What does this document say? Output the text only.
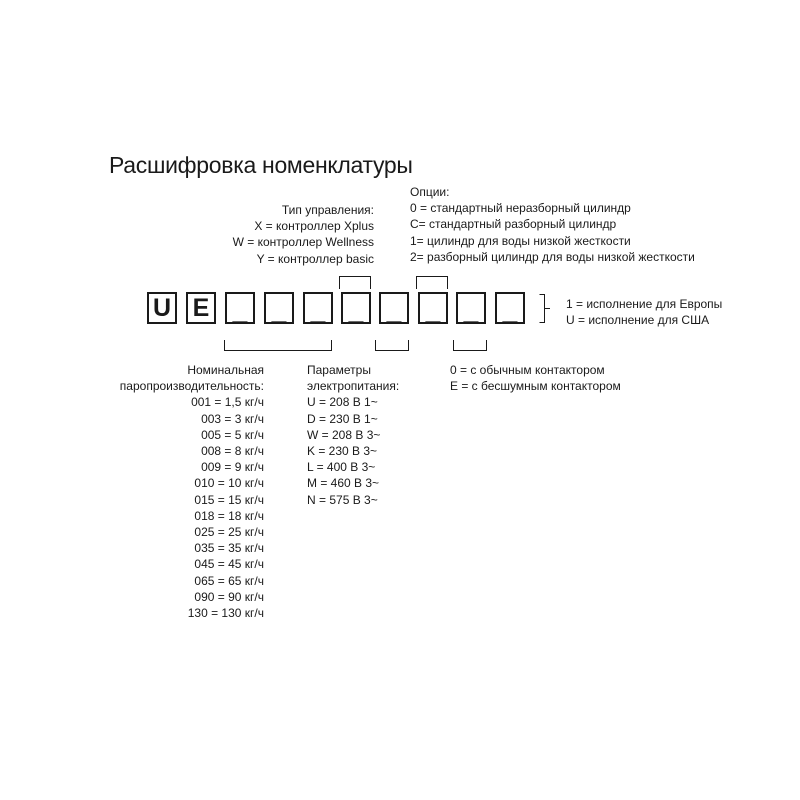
Расшифровка номенклатуры
Тип управления:
X = контроллер Xplus
W = контроллер Wellness
Y = контроллер basic
Опции:
0 = стандартный неразборный цилиндр
C= стандартный разборный цилиндр
1= цилиндр для воды низкой жесткости
2= разборный цилиндр для воды низкой жесткости
U E _ _ _ _ _ _ _ _	1 = исполнение для Европы
U = исполнение для США
Номинальная
паропроизводительность:
001 = 1,5 кг/ч
003 = 3 кг/ч
005 = 5 кг/ч
008 = 8 кг/ч
009 = 9 кг/ч
010 = 10 кг/ч
015 = 15 кг/ч
018 = 18 кг/ч
025 = 25 кг/ч
035 = 35 кг/ч
045 = 45 кг/ч
065 = 65 кг/ч
090 = 90 кг/ч
130 = 130 кг/ч
Параметры
электропитания:
U = 208 В 1~
D = 230 В 1~
W = 208 В 3~
K = 230 В 3~
L = 400 В 3~
M = 460 В 3~
N = 575 В 3~
0 = с обычным контактором
E = с бесшумным контактором
